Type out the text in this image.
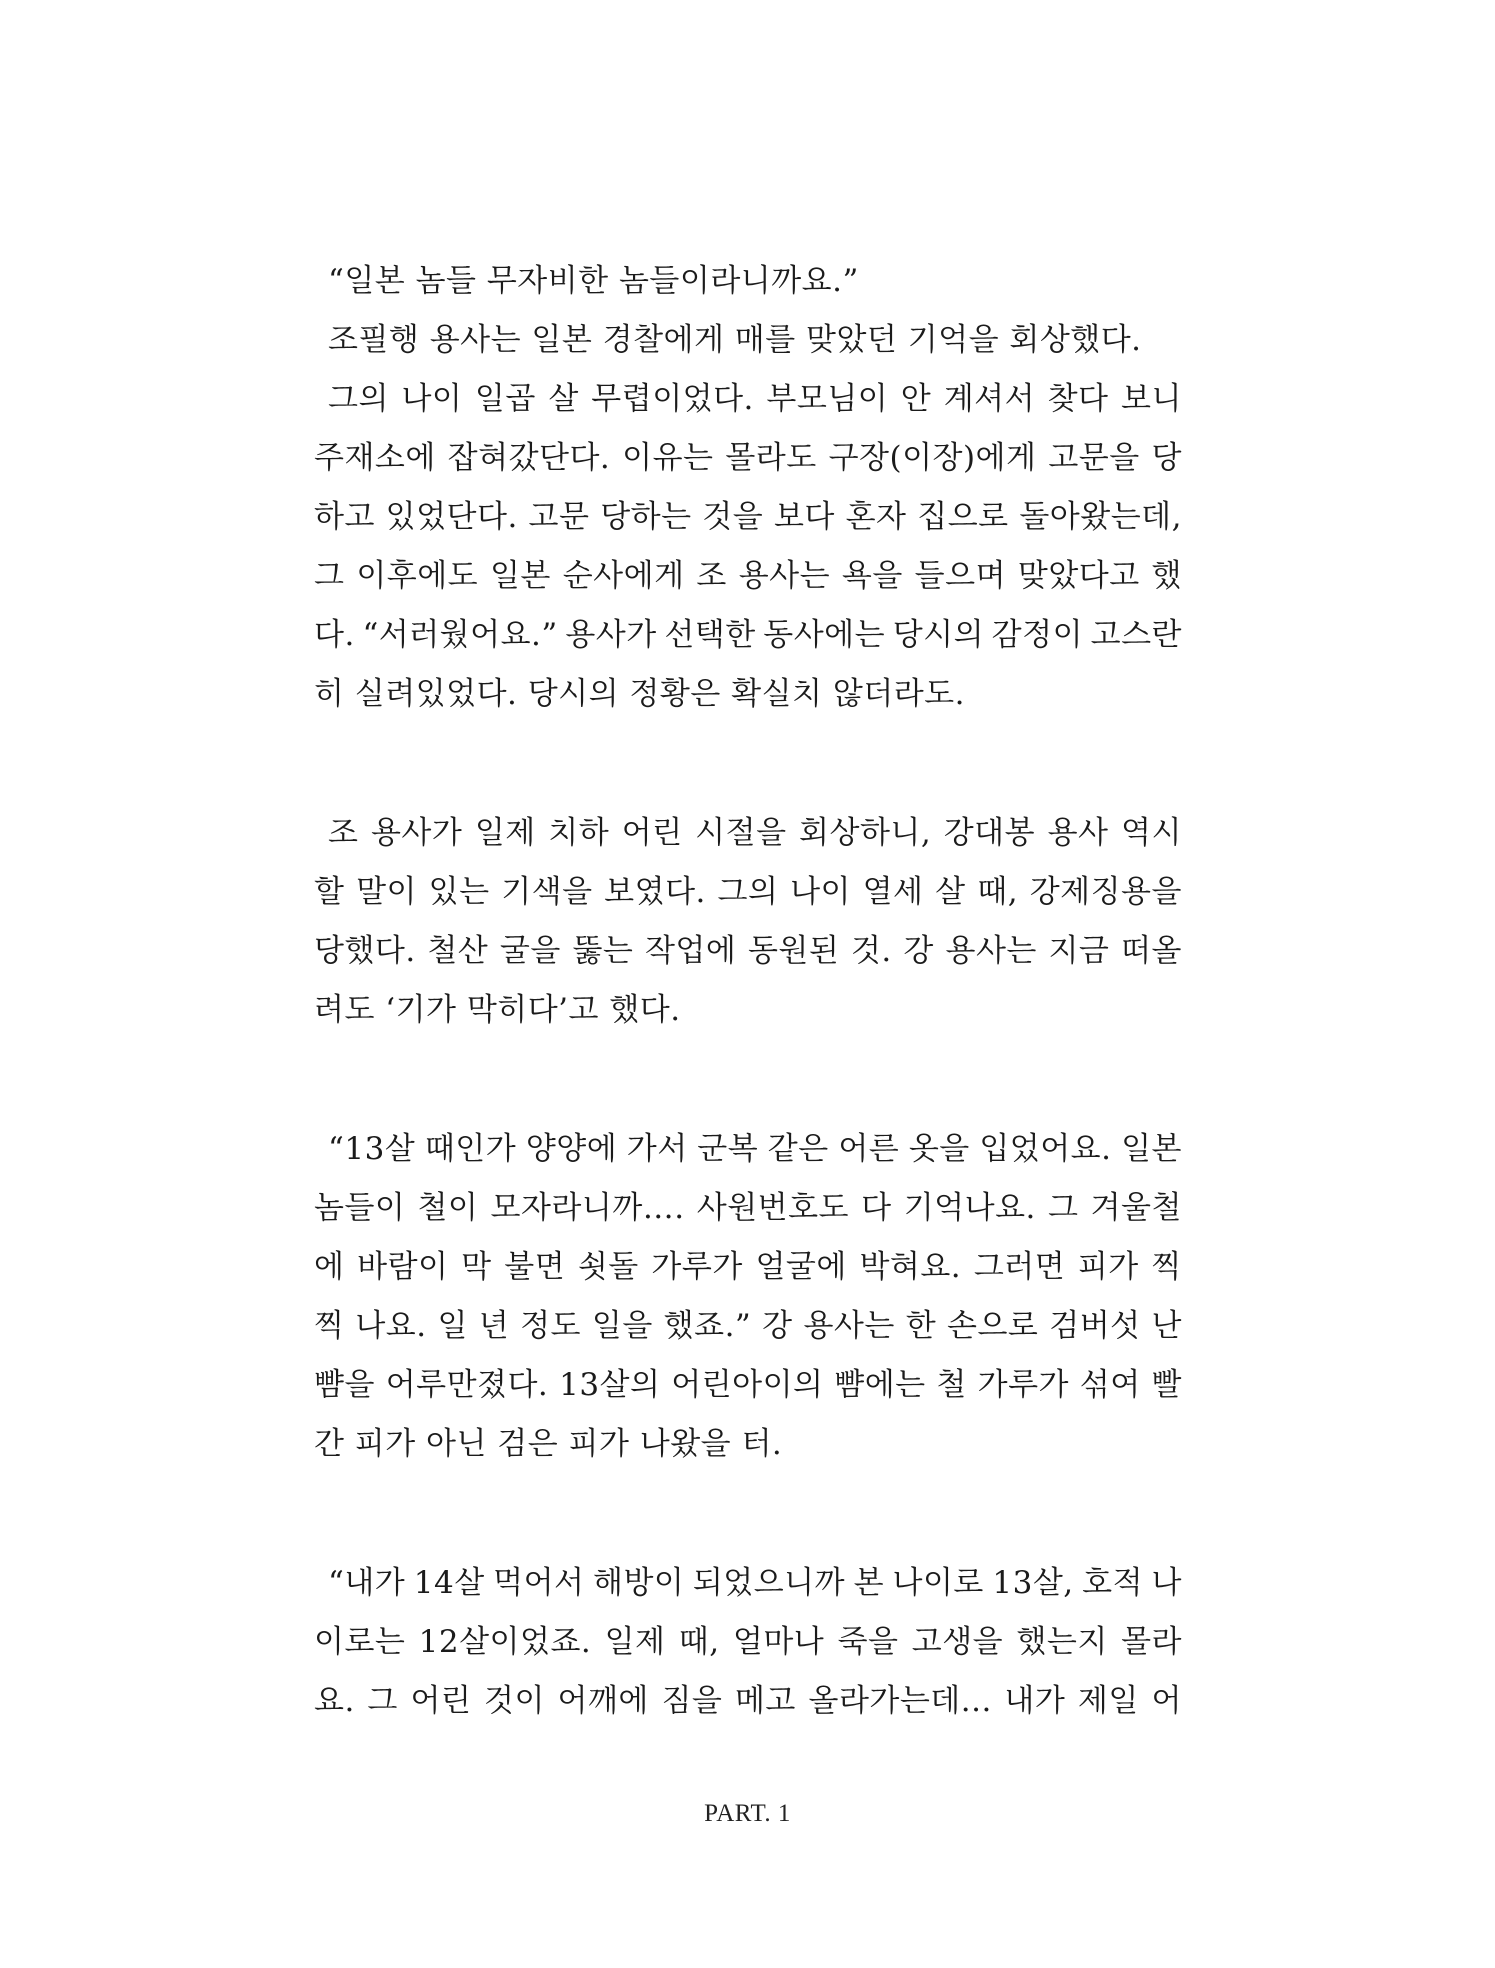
“일본 놈들 무자비한 놈들이라니까요.”
조필행 용사는 일본 경찰에게 매를 맞았던 기억을 회상했다.
그의 나이 일곱 살 무렵이었다. 부모님이 안 계셔서 찾다 보니
주재소에 잡혀갔단다. 이유는 몰라도 구장(이장)에게 고문을 당
하고 있었단다. 고문 당하는 것을 보다 혼자 집으로 돌아왔는데,
그 이후에도 일본 순사에게 조 용사는 욕을 들으며 맞았다고 했
다. “서러웠어요.” 용사가 선택한 동사에는 당시의 감정이 고스란
히 실려있었다. 당시의 정황은 확실치 않더라도.
조 용사가 일제 치하 어린 시절을 회상하니, 강대봉 용사 역시
할 말이 있는 기색을 보였다. 그의 나이 열세 살 때, 강제징용을
당했다. 철산 굴을 뚫는 작업에 동원된 것. 강 용사는 지금 떠올
려도 ‘기가 막히다’고 했다.
“13살 때인가 양양에 가서 군복 같은 어른 옷을 입었어요. 일본
놈들이 철이 모자라니까…. 사원번호도 다 기억나요. 그 겨울철
에 바람이 막 불면 쇳돌 가루가 얼굴에 박혀요. 그러면 피가 찍
찍 나요. 일 년 정도 일을 했죠.” 강 용사는 한 손으로 검버섯 난
뺨을 어루만졌다. 13살의 어린아이의 뺨에는 철 가루가 섞여 빨
간 피가 아닌 검은 피가 나왔을 터.
“내가 14살 먹어서 해방이 되었으니까 본 나이로 13살, 호적 나
이로는 12살이었죠. 일제 때, 얼마나 죽을 고생을 했는지 몰라
요. 그 어린 것이 어깨에 짐을 메고 올라가는데... 내가 제일 어
PART. 1
